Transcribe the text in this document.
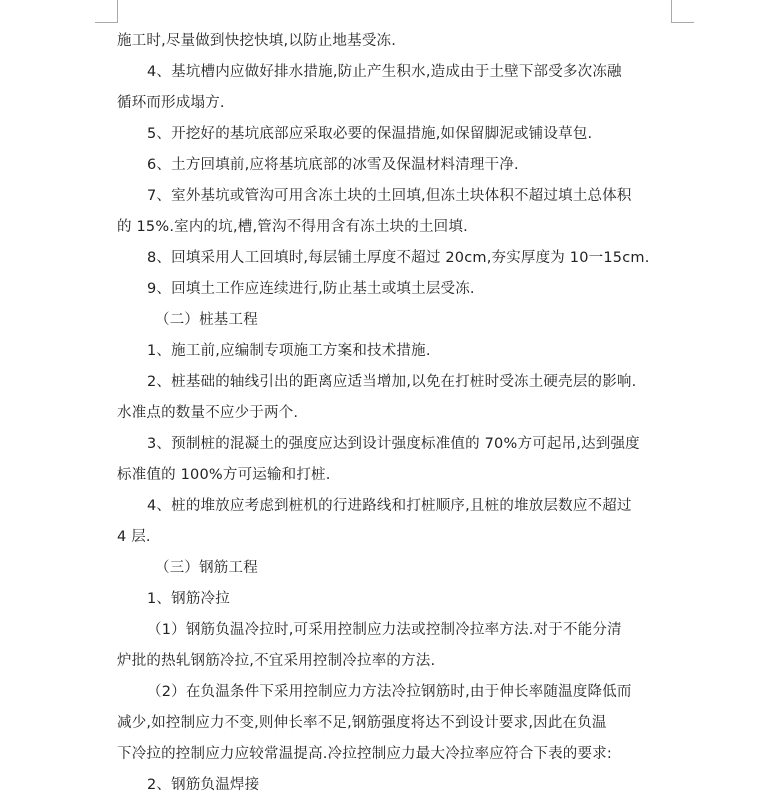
施工时,尽量做到快挖快填,以防止地基受冻.
4、基坑槽内应做好排水措施,防止产生积水,造成由于土壁下部受多次冻融
循环而形成塌方.
5、开挖好的基坑底部应采取必要的保温措施,如保留脚泥或铺设草包.
6、土方回填前,应将基坑底部的冰雪及保温材料清理干净.
7、室外基坑或管沟可用含冻土块的土回填,但冻土块体积不超过填土总体积
的 15%.室内的坑,槽,管沟不得用含有冻土块的土回填.
8、回填采用人工回填时,每层铺土厚度不超过 20cm,夯实厚度为 10一15cm.
9、回填土工作应连续进行,防止基土或填土层受冻.
（二）桩基工程
1、施工前,应编制专项施工方案和技术措施.
2、桩基础的轴线引出的距离应适当增加,以免在打桩时受冻土硬壳层的影响.
水准点的数量不应少于两个.
3、预制桩的混凝土的强度应达到设计强度标准值的 70%方可起吊,达到强度
标准值的 100%方可运输和打桩.
4、桩的堆放应考虑到桩机的行进路线和打桩顺序,且桩的堆放层数应不超过
4 层.
（三）钢筋工程
1、钢筋冷拉
（1）钢筋负温冷拉时,可采用控制应力法或控制冷拉率方法.对于不能分清
炉批的热轧钢筋冷拉,不宜采用控制冷拉率的方法.
（2）在负温条件下采用控制应力方法冷拉钢筋时,由于伸长率随温度降低而
减少,如控制应力不变,则伸长率不足,钢筋强度将达不到设计要求,因此在负温
下冷拉的控制应力应较常温提高.冷拉控制应力最大冷拉率应符合下表的要求:
2、钢筋负温焊接
